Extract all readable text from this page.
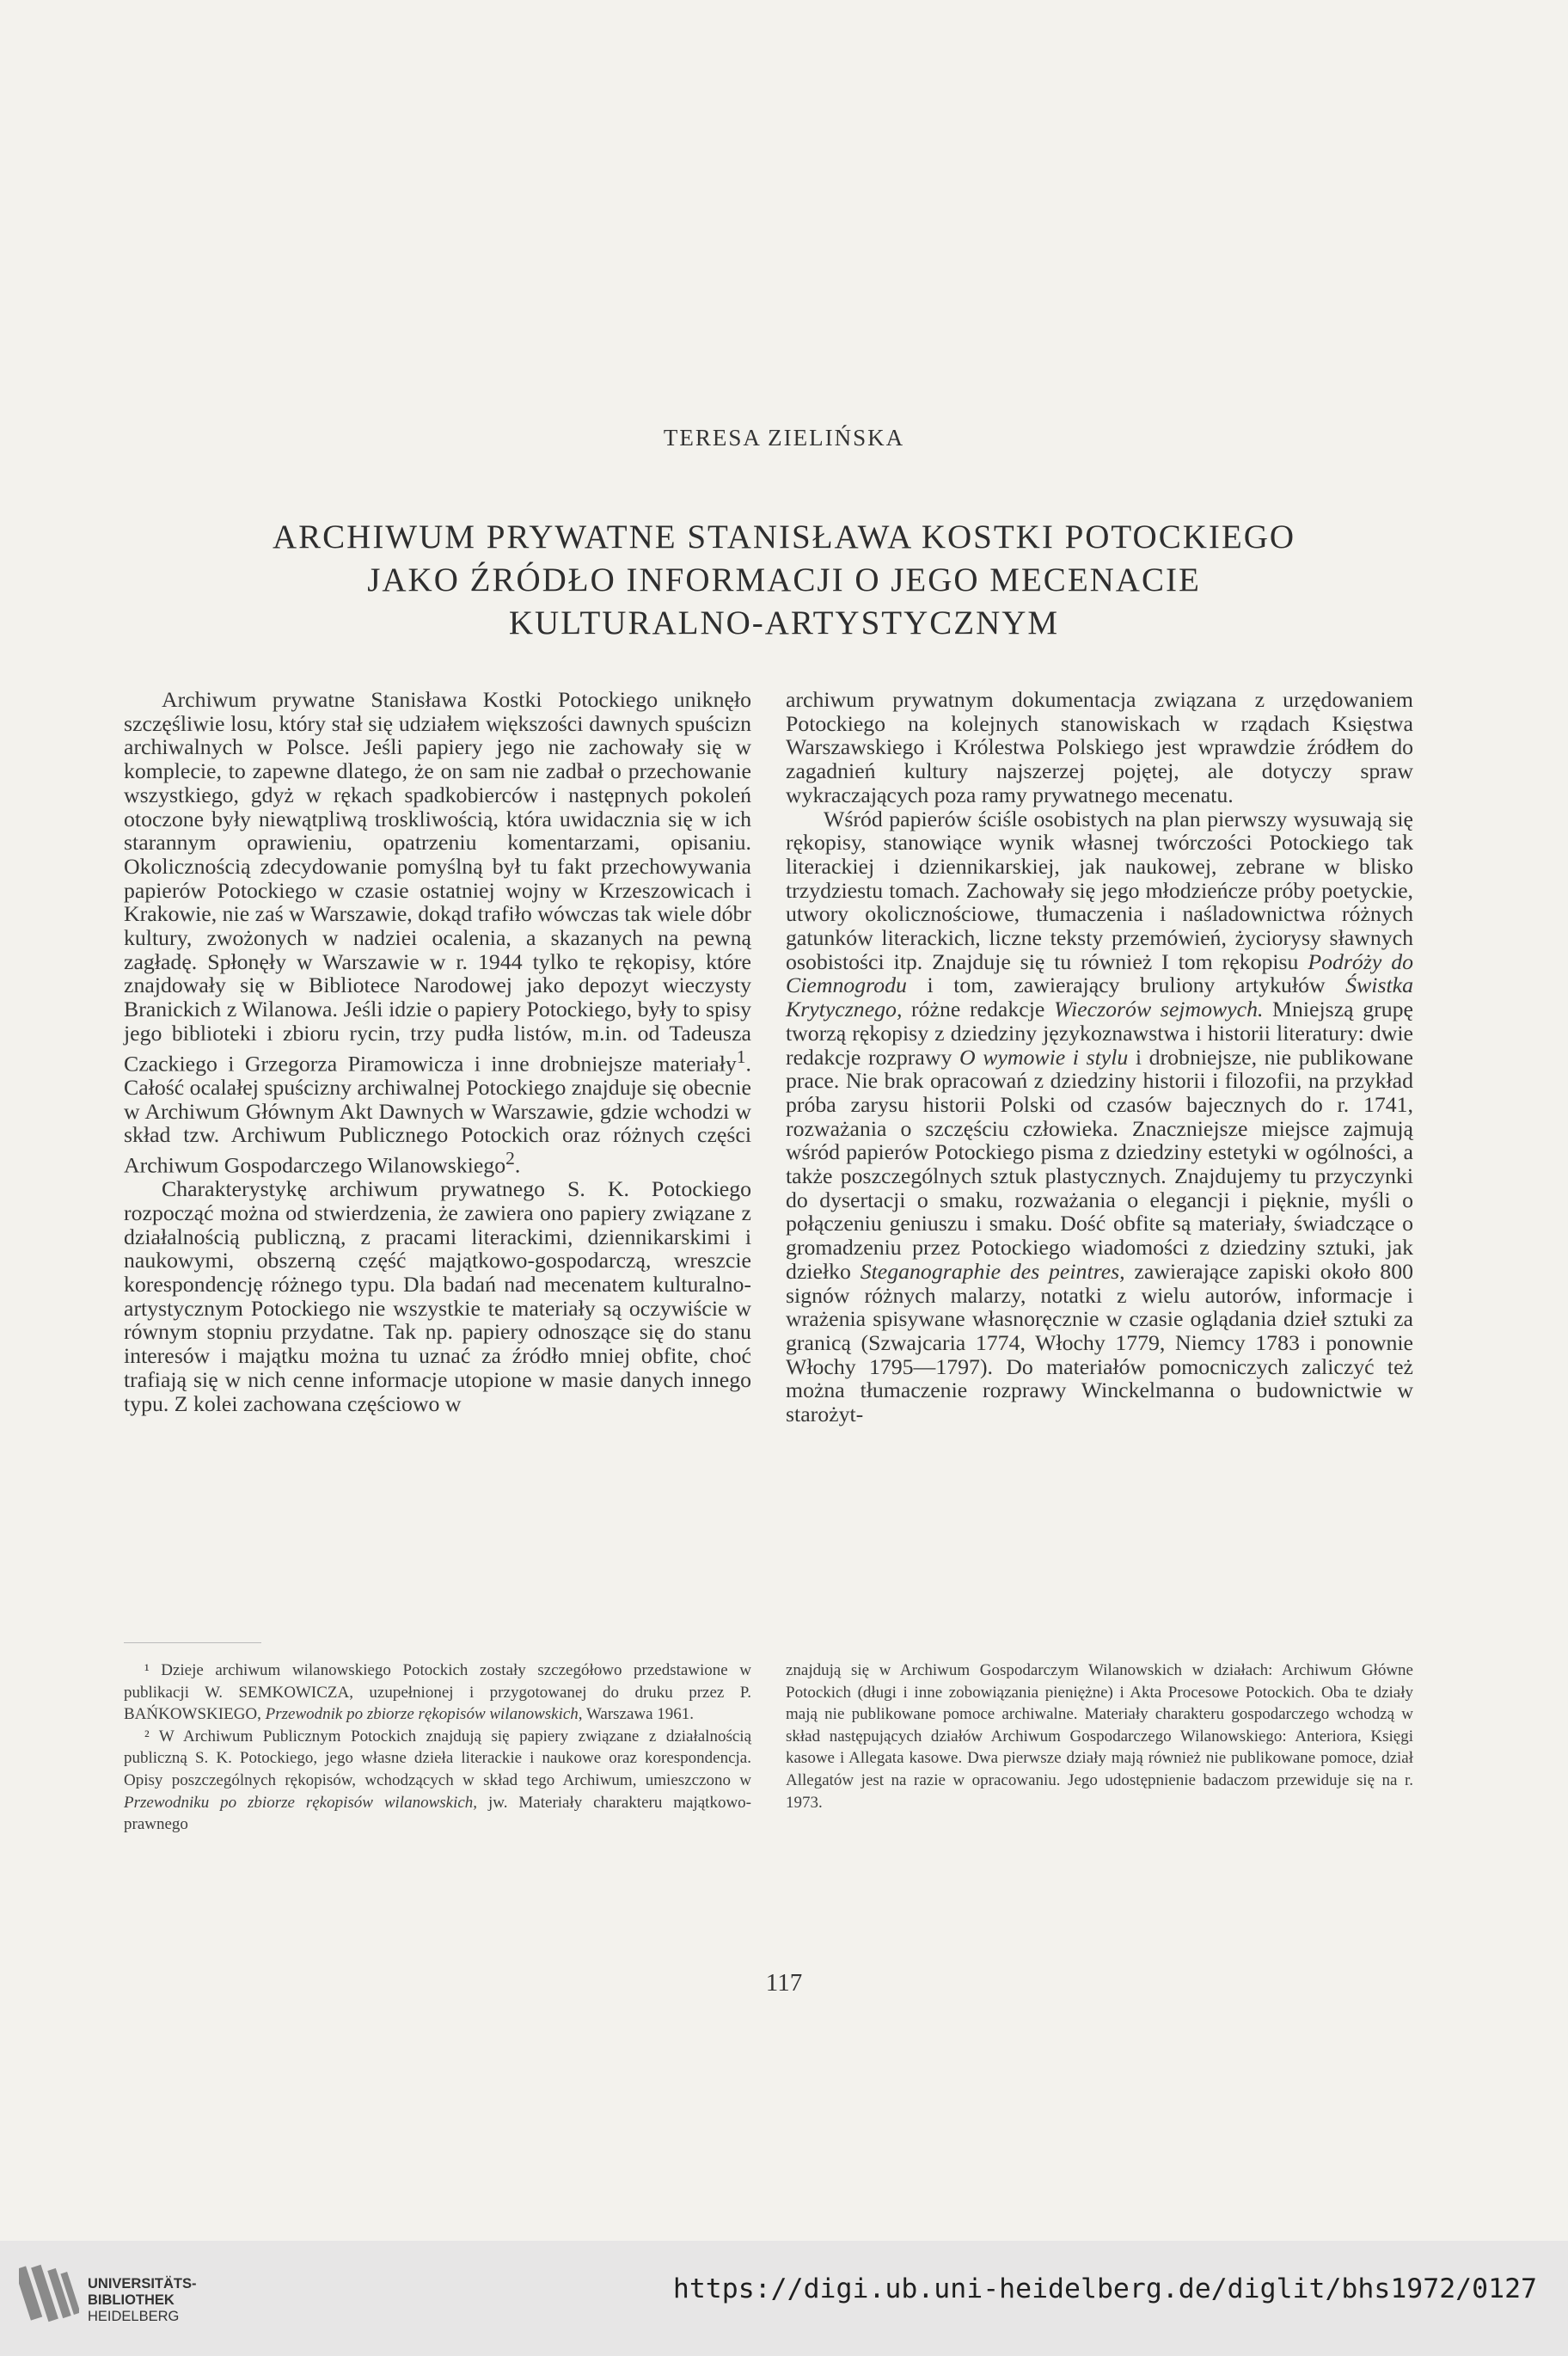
TERESA ZIELIŃSKA
ARCHIWUM PRYWATNE STANISŁAWA KOSTKI POTOCKIEGO
JAKO ŹRÓDŁO INFORMACJI O JEGO MECENACIE
KULTURALNO-ARTYSTYCZNYM

Archiwum prywatne Stanisława Kostki Potockiego uniknęło szczęśliwie losu, który stał się udziałem większości dawnych spuścizn archiwalnych w Polsce. Jeśli papiery jego nie zachowały się w komplecie, to zapewne dlatego, że on sam nie zadbał o przechowanie wszystkiego, gdyż w rękach spadkobierców i następnych pokoleń otoczone były niewątpliwą troskliwością, która uwidacznia się w ich starannym oprawieniu, opatrzeniu komentarzami, opisaniu. Okolicznością zdecydowanie pomyślną był tu fakt przechowywania papierów Potockiego w czasie ostatniej wojny w Krzeszowicach i Krakowie, nie zaś w Warszawie, dokąd trafiło wówczas tak wiele dóbr kultury, zwożonych w nadziei ocalenia, a skazanych na pewną zagładę. Spłonęły w Warszawie w r. 1944 tylko te rękopisy, które znajdowały się w Bibliotece Narodowej jako depozyt wieczysty Branickich z Wilanowa. Jeśli idzie o papiery Potockiego, były to spisy jego biblioteki i zbioru rycin, trzy pudła listów, m.in. od Tadeusza Czackiego i Grzegorza Piramowicza i inne drobniejsze materiały$^1$. Całość ocalałej spuścizny archiwalnej Potockiego znajduje się obecnie w Archiwum Głównym Akt Dawnych w Warszawie, gdzie wchodzi w skład tzw. Archiwum Publicznego Potockich oraz różnych części Archiwum Gospodarczego Wilanowskiego$^2$.

Charakterystykę archiwum prywatnego S. K. Potockiego rozpocząć można od stwierdzenia, że zawiera ono papiery związane z działalnością publiczną, z pracami literackimi, dziennikarskimi i naukowymi, obszerną część majątkowo-gospodarczą, wreszcie korespondencję różnego typu. Dla badań nad mecenatem kulturalno-artystycznym Potockiego nie wszystkie te materiały są oczywiście w równym stopniu przydatne. Tak np. papiery odnoszące się do stanu interesów i majątku można tu uznać za źródło mniej obfite, choć trafiają się w nich cenne informacje utopione w masie danych innego typu. Z kolei zachowana częściowo w

archiwum prywatnym dokumentacja związana z urzędowaniem Potockiego na kolejnych stanowiskach w rządach Księstwa Warszawskiego i Królestwa Polskiego jest wprawdzie źródłem do zagadnień kultury najszerzej pojętej, ale dotyczy spraw wykraczających poza ramy prywatnego mecenatu.

Wśród papierów ściśle osobistych na plan pierwszy wysuwają się rękopisy, stanowiące wynik własnej twórczości Potockiego tak literackiej i dziennikarskiej, jak naukowej, zebrane w blisko trzydziestu tomach. Zachowały się jego młodzieńcze próby poetyckie, utwory okolicznościowe, tłumaczenia i naśladownictwa różnych gatunków literackich, liczne teksty przemówień, życiorysy sławnych osobistości itp. Znajduje się tu również I tom rękopisu Podróży do Ciemnogrodu i tom, zawierający bruliony artykułów Świstka Krytycznego, różne redakcje Wieczorów sejmowych. Mniejszą grupę tworzą rękopisy z dziedziny językoznawstwa i historii literatury: dwie redakcje rozprawy O wymowie i stylu i drobniejsze, nie publikowane prace. Nie brak opracowań z dziedziny historii i filozofii, na przykład próba zarysu historii Polski od czasów bajecznych do r. 1741, rozważania o szczęściu człowieka. Znaczniejsze miejsce zajmują wśród papierów Potockiego pisma z dziedziny estetyki w ogólności, a także poszczególnych sztuk plastycznych. Znajdujemy tu przyczynki do dysertacji o smaku, rozważania o elegancji i pięknie, myśli o połączeniu geniuszu i smaku. Dość obfite są materiały, świadczące o gromadzeniu przez Potockiego wiadomości z dziedziny sztuki, jak dziełko Steganographie des peintres, zawierające zapiski około 800 signów różnych malarzy, notatki z wielu autorów, informacje i wrażenia spisywane własnoręcznie w czasie oglądania dzieł sztuki za granicą (Szwajcaria 1774, Włochy 1779, Niemcy 1783 i ponownie Włochy 1795—1797). Do materiałów pomocniczych zaliczyć też można tłumaczenie rozprawy Winckelmanna o budownictwie w starożyt-

¹ Dzieje archiwum wilanowskiego Potockich zostały szczegółowo przedstawione w publikacji W. SEMKOWICZA, uzupełnionej i przygotowanej do druku przez P. BAŃKOWSKIEGO, Przewodnik po zbiorze rękopisów wilanowskich, Warszawa 1961.

² W Archiwum Publicznym Potockich znajdują się papiery związane z działalnością publiczną S. K. Potockiego, jego własne dzieła literackie i naukowe oraz korespondencja. Opisy poszczególnych rękopisów, wchodzących w skład tego Archiwum, umieszczono w Przewodniku po zbiorze rękopisów wilanowskich, jw. Materiały charakteru majątkowo-prawnego

znajdują się w Archiwum Gospodarczym Wilanowskich w działach: Archiwum Główne Potockich (długi i inne zobowiązania pieniężne) i Akta Procesowe Potockich. Oba te działy mają nie publikowane pomoce archiwalne. Materiały charakteru gospodarczego wchodzą w skład następujących działów Archiwum Gospodarczego Wilanowskiego: Anteriora, Księgi kasowe i Allegata kasowe. Dwa pierwsze działy mają również nie publikowane pomoce, dział Allegatów jest na razie w opracowaniu. Jego udostępnienie badaczom przewiduje się na r. 1973.

117
UNIVERSITÄTS-
BIBLIOTHEK
HEIDELBERG
https://digi.ub.uni-heidelberg.de/diglit/bhs1972/0127
